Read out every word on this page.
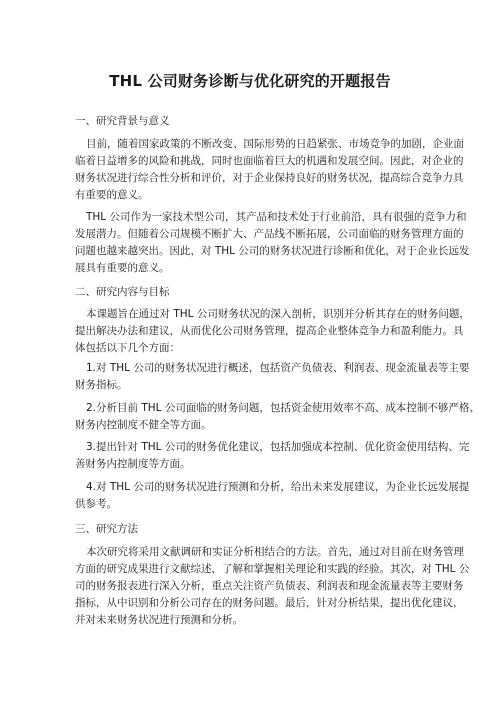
THL 公司财务诊断与优化研究的开题报告
一、研究背景与意义
目前，随着国家政策的不断改变、国际形势的日趋紧张、市场竞争的加剧，企业面
临着日益增多的风险和挑战，同时也面临着巨大的机遇和发展空间。因此，对企业的
财务状况进行综合性分析和评价，对于企业保持良好的财务状况，提高综合竞争力具
有重要的意义。
THL 公司作为一家技术型公司，其产品和技术处于行业前沿，具有很强的竞争力和
发展潜力。但随着公司规模不断扩大、产品线不断拓展，公司面临的财务管理方面的
问题也越来越突出。因此，对 THL 公司的财务状况进行诊断和优化，对于企业长远发
展具有重要的意义。
二、研究内容与目标
本课题旨在通过对 THL 公司财务状况的深入剖析，识别并分析其存在的财务问题，
提出解决办法和建议，从而优化公司财务管理，提高企业整体竞争力和盈利能力。具
体包括以下几个方面：
1.对 THL 公司的财务状况进行概述，包括资产负债表、利润表、现金流量表等主要
财务指标。
2.分析目前 THL 公司面临的财务问题，包括资金使用效率不高、成本控制不够严格、
财务内控制度不健全等方面。
3.提出针对 THL 公司的财务优化建议，包括加强成本控制、优化资金使用结构、完
善财务内控制度等方面。
4.对 THL 公司的财务状况进行预测和分析，给出未来发展建议，为企业长远发展提
供参考。
三、研究方法
本次研究将采用文献调研和实证分析相结合的方法。首先，通过对目前在财务管理
方面的研究成果进行文献综述，了解和掌握相关理论和实践的经验。其次，对 THL 公
司的财务报表进行深入分析，重点关注资产负债表、利润表和现金流量表等主要财务
指标，从中识别和分析公司存在的财务问题。最后，针对分析结果，提出优化建议，
并对未来财务状况进行预测和分析。
